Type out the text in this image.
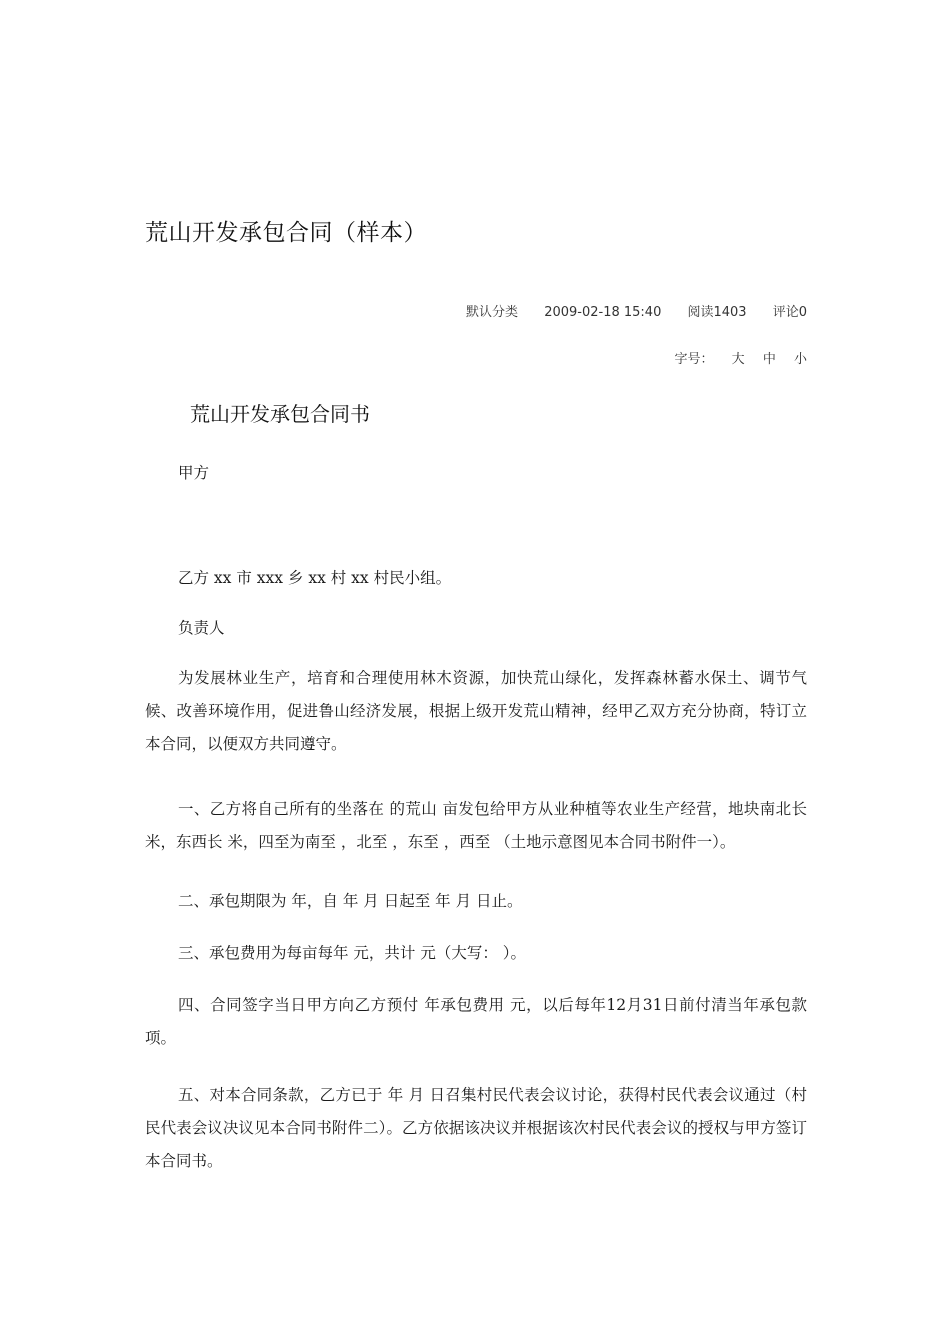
荒山开发承包合同（样本）
默认分类 2009-02-18 15:40 阅读1403 评论0
字号： 大 中 小
荒山开发承包合同书
甲方
乙方 xx 市 xxx 乡 xx 村 xx 村民小组。
负责人
为发展林业生产，培育和合理使用林木资源，加快荒山绿化，发挥森林蓄水保土、调节气候、改善环境作用，促进鲁山经济发展，根据上级开发荒山精神，经甲乙双方充分协商，特订立本合同，以便双方共同遵守。
一、乙方将自己所有的坐落在 的荒山 亩发包给甲方从业种植等农业生产经营，地块南北长 米，东西长 米，四至为南至 ，北至 ，东至 ，西至 （土地示意图见本合同书附件一）。
二、承包期限为 年，自 年 月 日起至 年 月 日止。
三、承包费用为每亩每年 元，共计 元（大写： ）。
四、合同签字当日甲方向乙方预付 年承包费用 元，以后每年12月31日前付清当年承包款项。
五、对本合同条款，乙方已于 年 月 日召集村民代表会议讨论，获得村民代表会议通过（村民代表会议决议见本合同书附件二）。乙方依据该决议并根据该次村民代表会议的授权与甲方签订本合同书。
